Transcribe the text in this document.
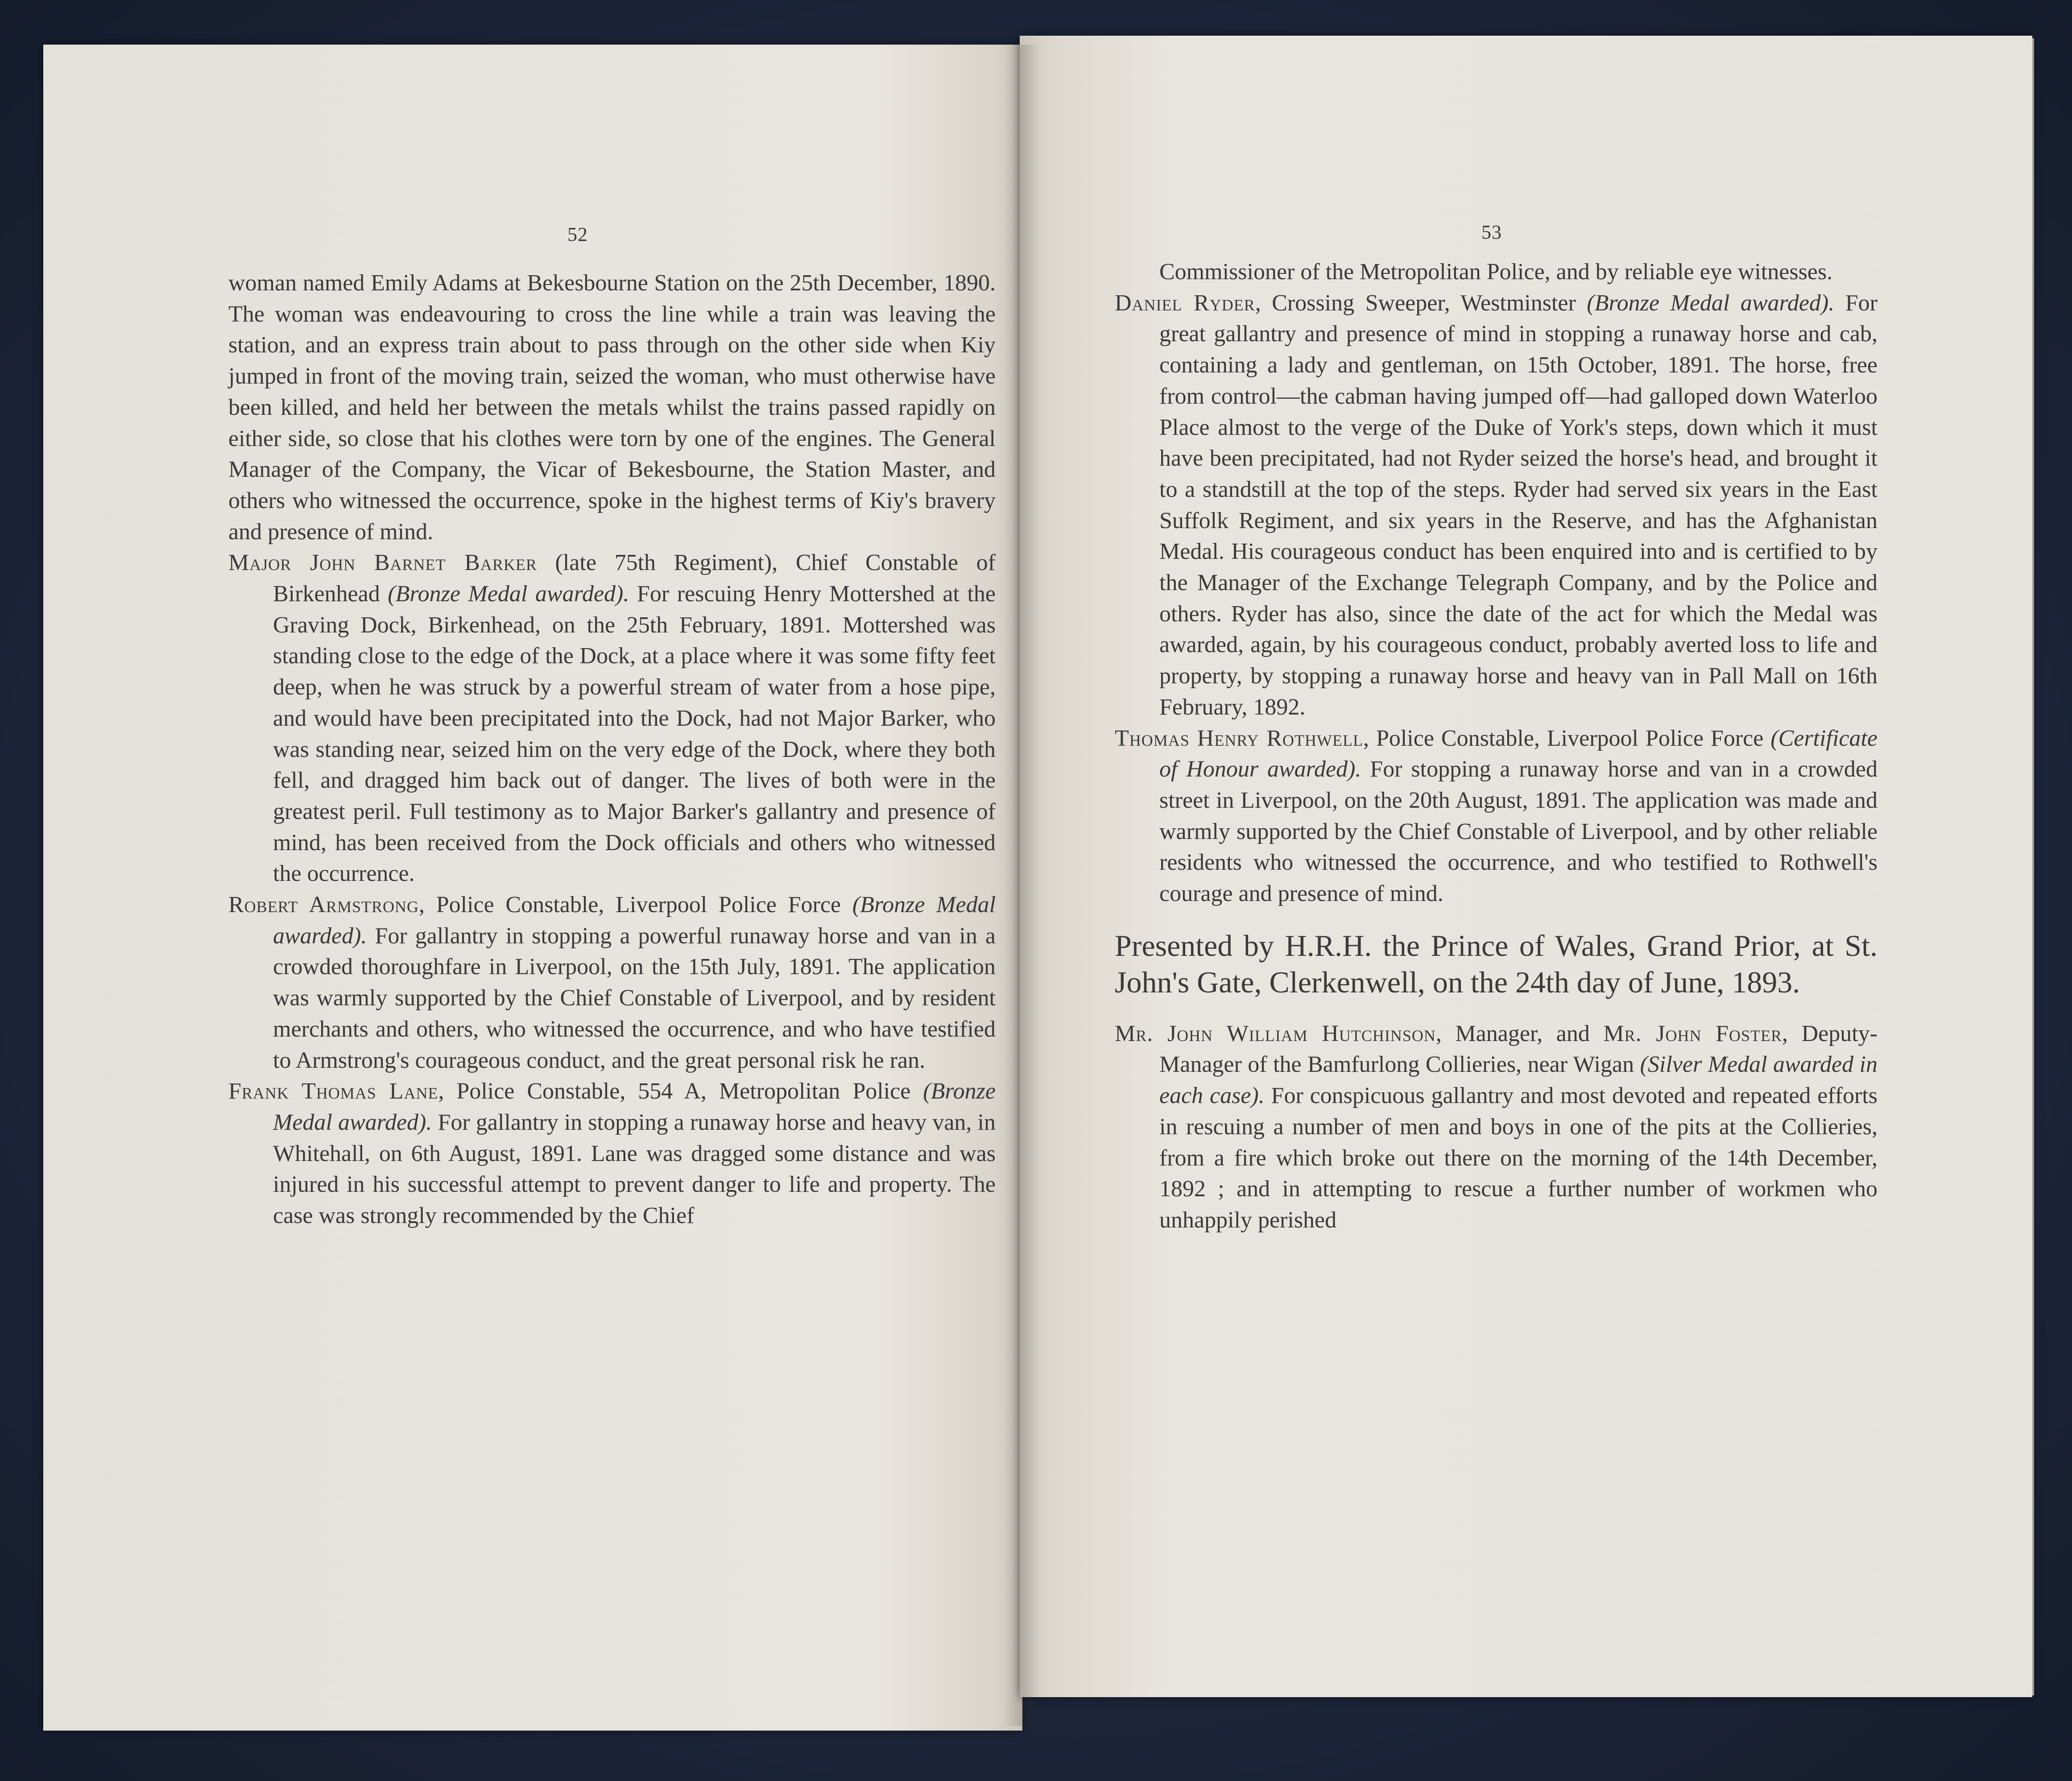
52

woman named Emily Adams at Bekesbourne Station on the 25th December, 1890. The woman was endeavouring to cross the line while a train was leaving the station, and an express train about to pass through on the other side when Kiy jumped in front of the moving train, seized the woman, who must otherwise have been killed, and held her between the metals whilst the trains passed rapidly on either side, so close that his clothes were torn by one of the engines. The General Manager of the Company, the Vicar of Bekesbourne, the Station Master, and others who witnessed the occurrence, spoke in the highest terms of Kiy's bravery and presence of mind.

Major John Barnet Barker (late 75th Regiment), Chief Constable of Birkenhead (Bronze Medal awarded). For rescuing Henry Mottershed at the Graving Dock, Birkenhead, on the 25th February, 1891. Mottershed was standing close to the edge of the Dock, at a place where it was some fifty feet deep, when he was struck by a powerful stream of water from a hose pipe, and would have been precipitated into the Dock, had not Major Barker, who was standing near, seized him on the very edge of the Dock, where they both fell, and dragged him back out of danger. The lives of both were in the greatest peril. Full testimony as to Major Barker's gallantry and presence of mind, has been received from the Dock officials and others who witnessed the occurrence.

Robert Armstrong, Police Constable, Liverpool Police Force (Bronze Medal awarded). For gallantry in stopping a powerful runaway horse and van in a crowded thoroughfare in Liverpool, on the 15th July, 1891. The application was warmly supported by the Chief Constable of Liverpool, and by resident merchants and others, who witnessed the occurrence, and who have testified to Armstrong's courageous conduct, and the great personal risk he ran.

Frank Thomas Lane, Police Constable, 554 A, Metropolitan Police (Bronze Medal awarded). For gallantry in stopping a runaway horse and heavy van, in Whitehall, on 6th August, 1891. Lane was dragged some distance and was injured in his successful attempt to prevent danger to life and property. The case was strongly recommended by the Chief

53

Commissioner of the Metropolitan Police, and by reliable eye witnesses.

Daniel Ryder, Crossing Sweeper, Westminster (Bronze Medal awarded). For great gallantry and presence of mind in stopping a runaway horse and cab, containing a lady and gentleman, on 15th October, 1891. The horse, free from control—the cabman having jumped off—had galloped down Waterloo Place almost to the verge of the Duke of York's steps, down which it must have been precipitated, had not Ryder seized the horse's head, and brought it to a standstill at the top of the steps. Ryder had served six years in the East Suffolk Regiment, and six years in the Reserve, and has the Afghanistan Medal. His courageous conduct has been enquired into and is certified to by the Manager of the Exchange Telegraph Company, and by the Police and others. Ryder has also, since the date of the act for which the Medal was awarded, again, by his courageous conduct, probably averted loss to life and property, by stopping a runaway horse and heavy van in Pall Mall on 16th February, 1892.

Thomas Henry Rothwell, Police Constable, Liverpool Police Force (Certificate of Honour awarded). For stopping a runaway horse and van in a crowded street in Liverpool, on the 20th August, 1891. The application was made and warmly supported by the Chief Constable of Liverpool, and by other reliable residents who witnessed the occurrence, and who testified to Rothwell's courage and presence of mind.

Presented by H.R.H. the Prince of Wales, Grand Prior, at St. John's Gate, Clerkenwell, on the 24th day of June, 1893.

Mr. John William Hutchinson, Manager, and Mr. John Foster, Deputy-Manager of the Bamfurlong Collieries, near Wigan (Silver Medal awarded in each case). For conspicuous gallantry and most devoted and repeated efforts in rescuing a number of men and boys in one of the pits at the Collieries, from a fire which broke out there on the morning of the 14th December, 1892 ; and in attempting to rescue a further number of workmen who unhappily perished
